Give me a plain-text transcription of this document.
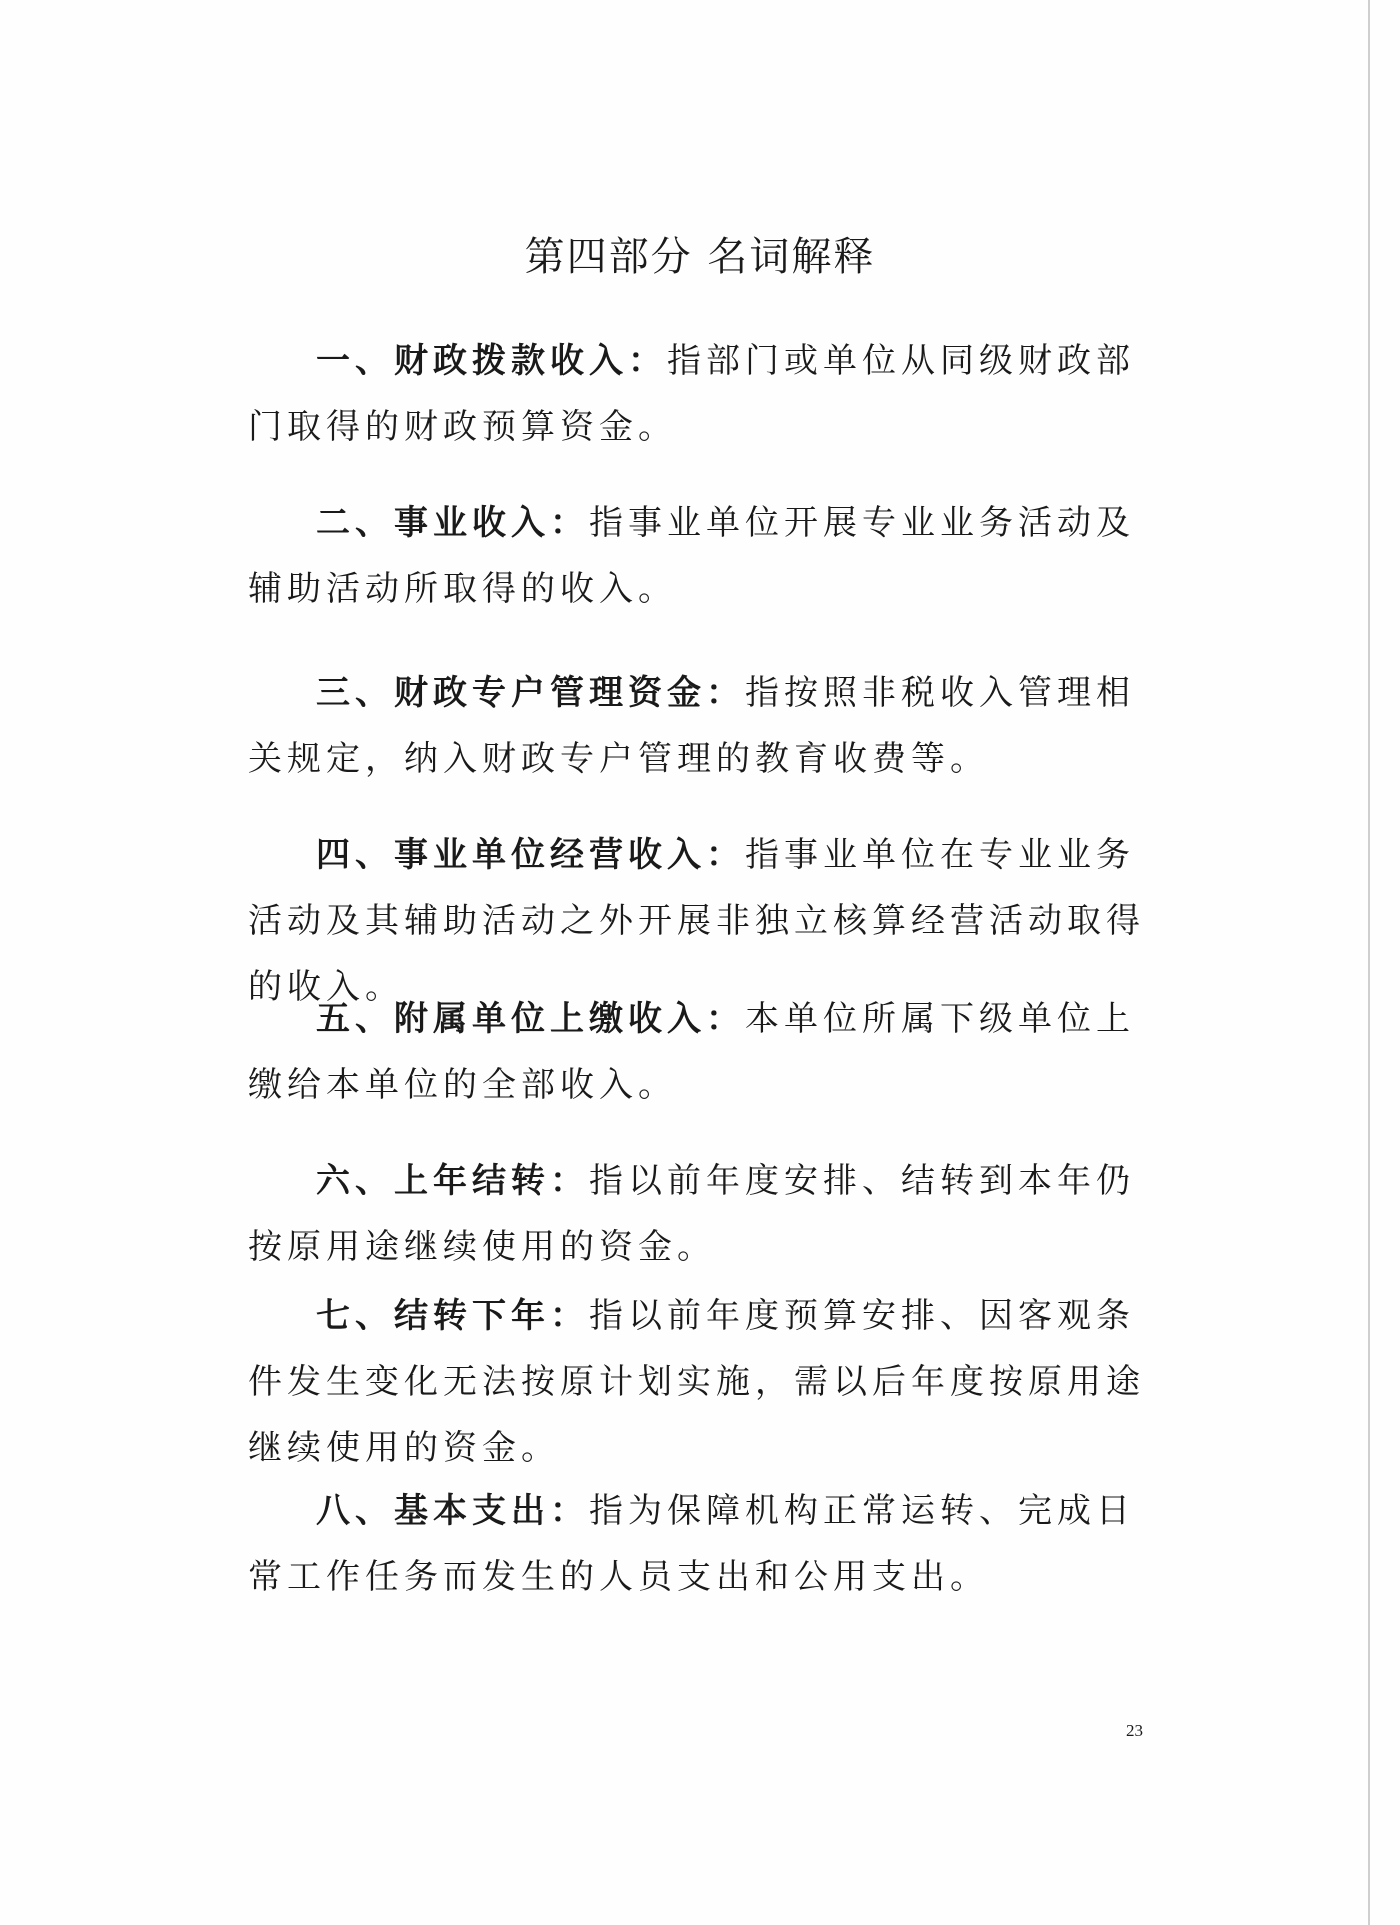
第四部分 名词解释

一、财政拨款收入：指部门或单位从同级财政部门取得的财政预算资金。

二、事业收入：指事业单位开展专业业务活动及辅助活动所取得的收入。

三、财政专户管理资金：指按照非税收入管理相关规定，纳入财政专户管理的教育收费等。

四、事业单位经营收入：指事业单位在专业业务活动及其辅助活动之外开展非独立核算经营活动取得的收入。

五、附属单位上缴收入：本单位所属下级单位上缴给本单位的全部收入。

六、上年结转：指以前年度安排、结转到本年仍按原用途继续使用的资金。

七、结转下年：指以前年度预算安排、因客观条件发生变化无法按原计划实施，需以后年度按原用途继续使用的资金。

八、基本支出：指为保障机构正常运转、完成日常工作任务而发生的人员支出和公用支出。

23
